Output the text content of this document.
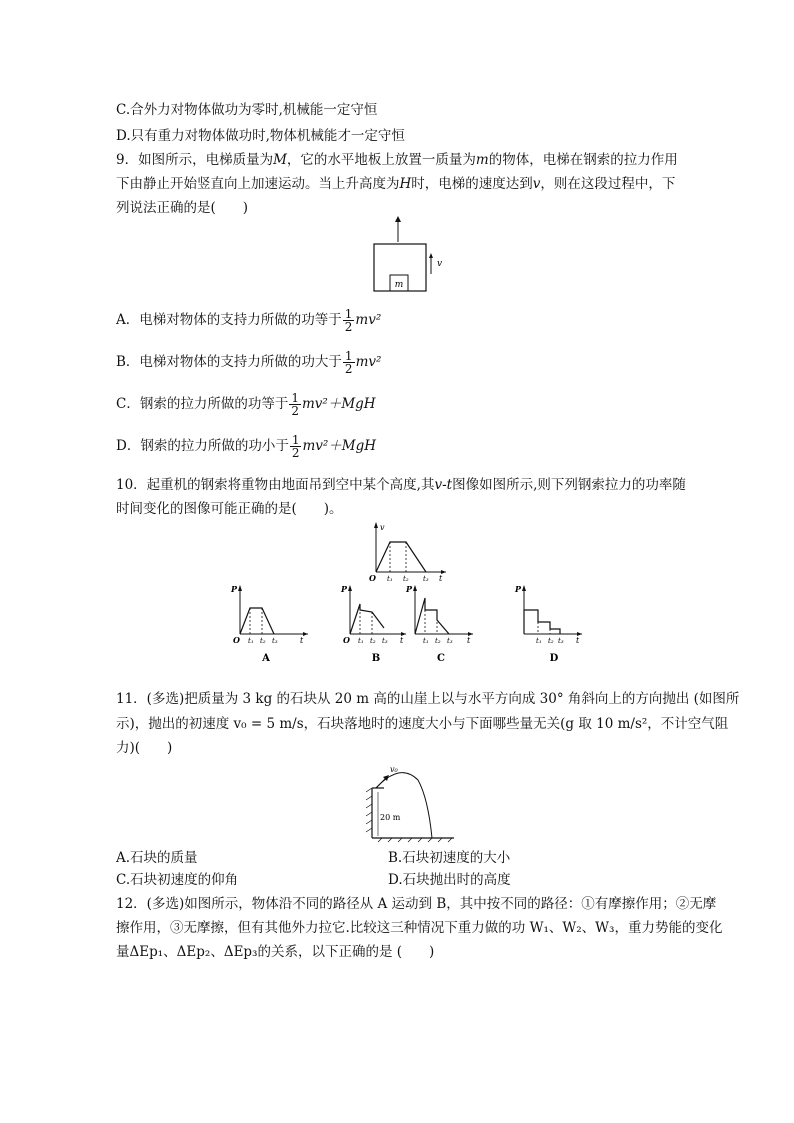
C.合外力对物体做功为零时,机械能一定守恒
D.只有重力对物体做功时,物体机械能才一定守恒
9．如图所示，电梯质量为M，它的水平地板上放置一质量为m的物体，电梯在钢索的拉力作用
下由静止开始竖直向上加速运动。当上升高度为H时，电梯的速度达到v，则在这段过程中，下
列说法正确的是(　　)
m
v
A．电梯对物体的支持力所做的功等于 $\frac{1}{2} mv^2$
B．电梯对物体的支持力所做的功大于 $\frac{1}{2} mv^2$
C．钢索的拉力所做的功等于 $\frac{1}{2} mv^2+MgH$
D．钢索的拉力所做的功小于 $\frac{1}{2} mv^2+MgH$
10．起重机的钢索将重物由地面吊到空中某个高度,其v-t图像如图所示,则下列钢索拉力的功率随
时间变化的图像可能正确的是(　　)。
v
O t₁ t₂ t₃ t
P
O t₁ t₂ t₃	t
A
P
O t₁ t₂ t₃ t
B
P
t₁ t₂ t₃ t
C
P
t₁ t₂ t₃ t
D
11．(多选)把质量为 3 kg 的石块从 20 m 高的山崖上以与水平方向成 30° 角斜向上的方向抛出 (如图所
示)，抛出的初速度 v₀ = 5 m/s，石块落地时的速度大小与下面哪些量无关(g 取 10 m/s²，不计空气阻
力)(　　)
v₀
20 m
A.石块的质量	B.石块初速度的大小
C.石块初速度的仰角	D.石块抛出时的高度
12．(多选)如图所示，物体沿不同的路径从 A 运动到 B，其中按不同的路径：①有摩擦作用；②无摩
擦作用，③无摩擦，但有其他外力拉它.比较这三种情况下重力做的功 W₁、W₂、W₃，重力势能的变化
量ΔEp₁、ΔEp₂、ΔEp₃的关系，以下正确的是 (　　)
